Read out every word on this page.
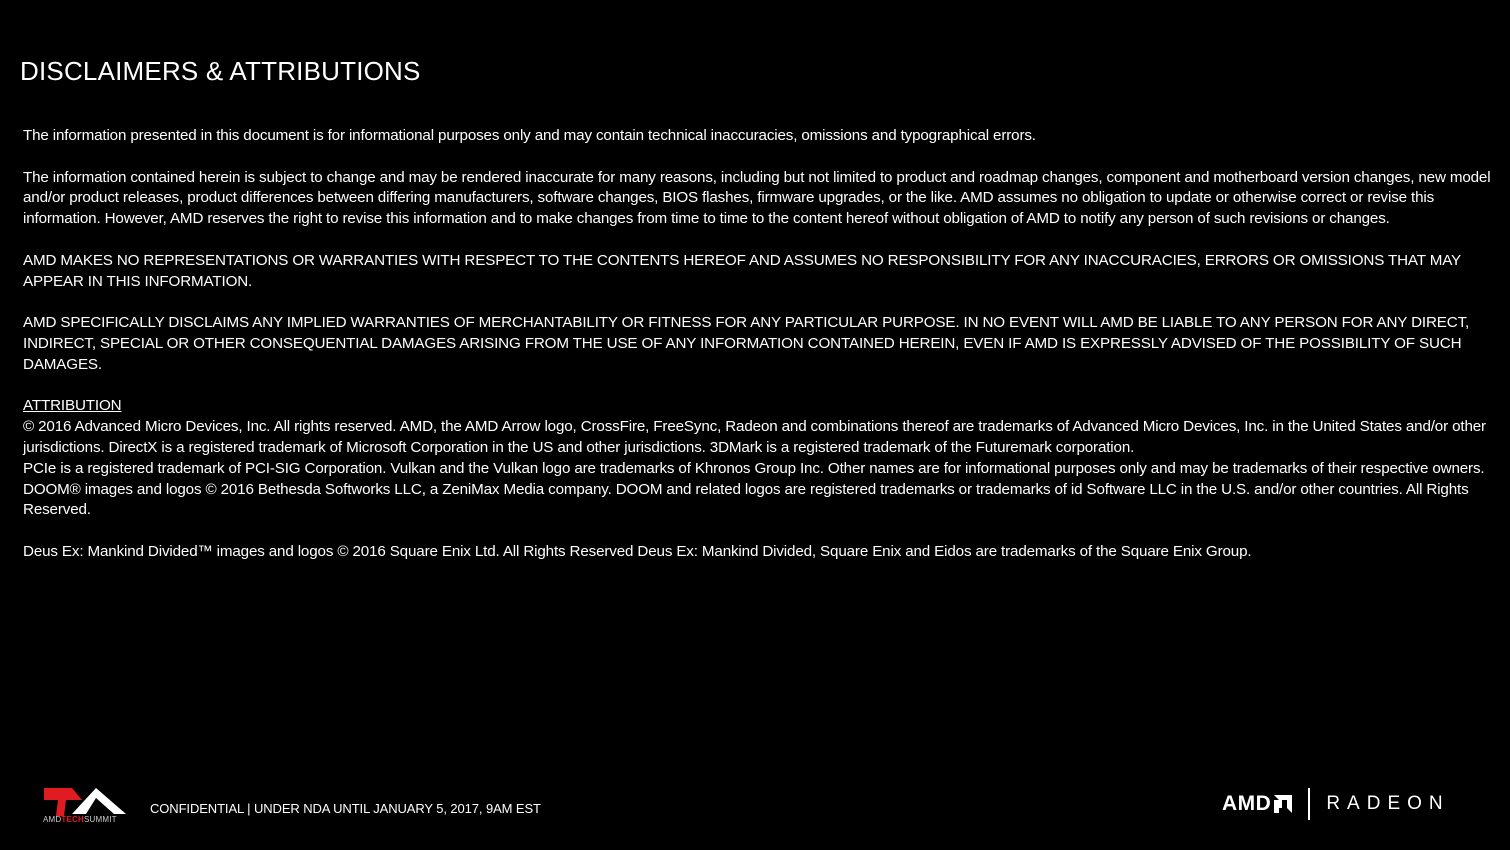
DISCLAIMERS & ATTRIBUTIONS

The information presented in this document is for informational purposes only and may contain technical inaccuracies, omissions and typographical errors.

The information contained herein is subject to change and may be rendered inaccurate for many reasons, including but not limited to product and roadmap changes, component and motherboard version changes, new model and/or product releases, product differences between differing manufacturers, software changes, BIOS flashes, firmware upgrades, or the like. AMD assumes no obligation to update or otherwise correct or revise this information. However, AMD reserves the right to revise this information and to make changes from time to time to the content hereof without obligation of AMD to notify any person of such revisions or changes.

AMD MAKES NO REPRESENTATIONS OR WARRANTIES WITH RESPECT TO THE CONTENTS HEREOF AND ASSUMES NO RESPONSIBILITY FOR ANY INACCURACIES, ERRORS OR OMISSIONS THAT MAY APPEAR IN THIS INFORMATION.

AMD SPECIFICALLY DISCLAIMS ANY IMPLIED WARRANTIES OF MERCHANTABILITY OR FITNESS FOR ANY PARTICULAR PURPOSE. IN NO EVENT WILL AMD BE LIABLE TO ANY PERSON FOR ANY DIRECT, INDIRECT, SPECIAL OR OTHER CONSEQUENTIAL DAMAGES ARISING FROM THE USE OF ANY INFORMATION CONTAINED HEREIN, EVEN IF AMD IS EXPRESSLY ADVISED OF THE POSSIBILITY OF SUCH DAMAGES.

ATTRIBUTION
© 2016 Advanced Micro Devices, Inc. All rights reserved. AMD, the AMD Arrow logo, CrossFire, FreeSync, Radeon and combinations thereof are trademarks of Advanced Micro Devices, Inc. in the United States and/or other jurisdictions. DirectX is a registered trademark of Microsoft Corporation in the US and other jurisdictions. 3DMark is a registered trademark of the Futuremark corporation.
PCIe is a registered trademark of PCI-SIG Corporation. Vulkan and the Vulkan logo are trademarks of Khronos Group Inc. Other names are for informational purposes only and may be trademarks of their respective owners. DOOM® images and logos © 2016 Bethesda Softworks LLC, a ZeniMax Media company. DOOM and related logos are registered trademarks or trademarks of id Software LLC in the U.S. and/or other countries. All Rights Reserved.

Deus Ex: Mankind Divided™ images and logos © 2016 Square Enix Ltd. All Rights Reserved Deus Ex: Mankind Divided, Square Enix and Eidos are trademarks of the Square Enix Group.

AMDTECHSUMMIT
CONFIDENTIAL | UNDER NDA UNTIL JANUARY 5, 2017, 9AM EST	AMD	RADEON
